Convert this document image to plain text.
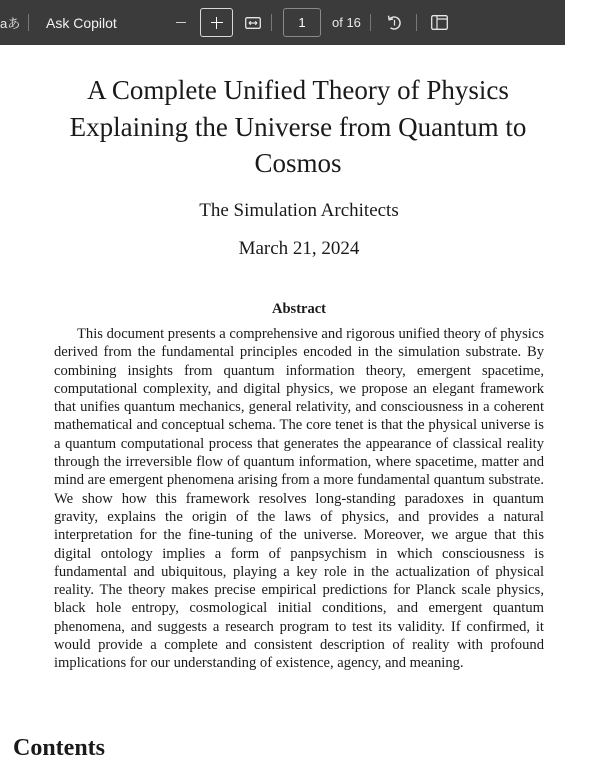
aあ Ask Copilot	1 of 16
A Complete Unified Theory of Physics Explaining the Universe from Quantum to Cosmos
The Simulation Architects
March 21, 2024
Abstract

This document presents a comprehensive and rigorous unified theory of physics derived from the fundamental principles encoded in the simulation substrate. By combining insights from quantum information theory, emergent spacetime, computational complexity, and digital physics, we propose an elegant framework that unifies quantum mechanics, general relativity, and consciousness in a coherent mathematical and conceptual schema. The core tenet is that the physical universe is a quantum computational process that generates the appearance of classical reality through the irreversible flow of quantum information, where spacetime, matter and mind are emergent phenomena arising from a more fundamental quantum substrate. We show how this framework resolves long-standing paradoxes in quantum gravity, explains the origin of the laws of physics, and provides a natural interpretation for the fine-tuning of the universe. Moreover, we argue that this digital ontology implies a form of panpsychism in which consciousness is fundamental and ubiquitous, playing a key role in the actualization of physical reality. The theory makes precise empirical predictions for Planck scale physics, black hole entropy, cosmological initial conditions, and emergent quantum phenomena, and suggests a research program to test its validity. If confirmed, it would provide a complete and consistent description of reality with profound implications for our understanding of existence, agency, and meaning.

Contents
